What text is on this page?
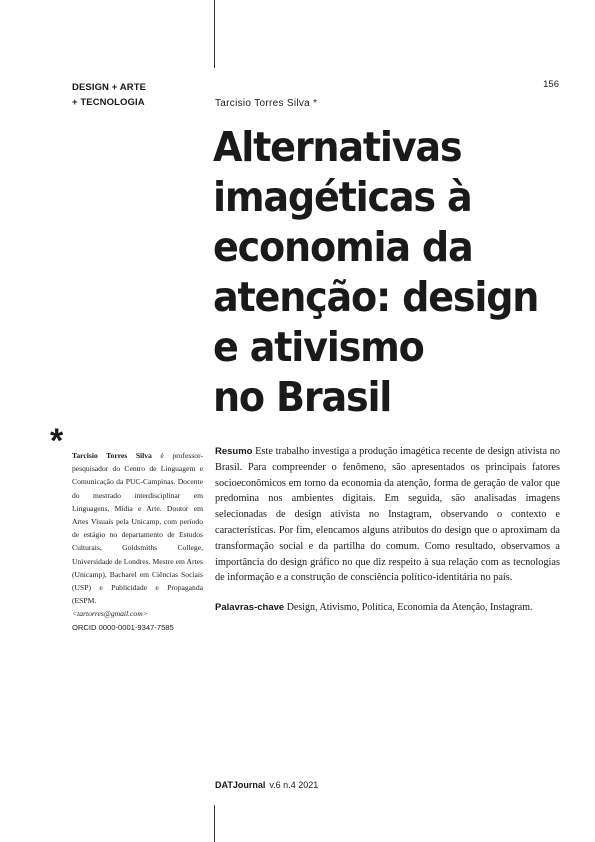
DESIGN + ARTE
+ TECNOLOGIA
156
Tarcisio Torres Silva *
Alternativas
imagéticas à
economia da
atenção: design
e ativismo
no Brasil
* Tarcisio Torres Silva é professor-pesquisador do Centro de Linguagem e Comunicação da PUC-Campinas. Docente do mestrado interdisciplinar em Linguagens, Mídia e Arte. Doutor em Artes Visuais pela Unicamp, com período de estágio no departamento de Estudos Culturais, Goldsmiths College, Universidade de Londres. Mestre em Artes (Unicamp), Bacharel em Ciências Sociais (USP) e Publicidade e Propaganda (ESPM.
<tartorres@gmail.com>
ORCID 0000-0001-9347-7585

Resumo Este trabalho investiga a produção imagética recente de design ativista no Brasil. Para compreender o fenômeno, são apresentados os principais fatores socioeconômicos em torno da economia da atenção, forma de geração de valor que predomina nos ambientes digitais. Em seguida, são analisadas imagens selecionadas de design ativista no Instagram, observando o contexto e características. Por fim, elencamos alguns atributos do design que o aproximam da transformação social e da partilha do comum. Como resultado, observamos a importância do design gráfico no que diz respeito à sua relação com as tecnologias de informação e a construção de consciência político-identitária no país.

Palavras-chave Design, Ativismo, Política, Economia da Atenção, Instagram.

DATJournal v.6 n.4 2021
